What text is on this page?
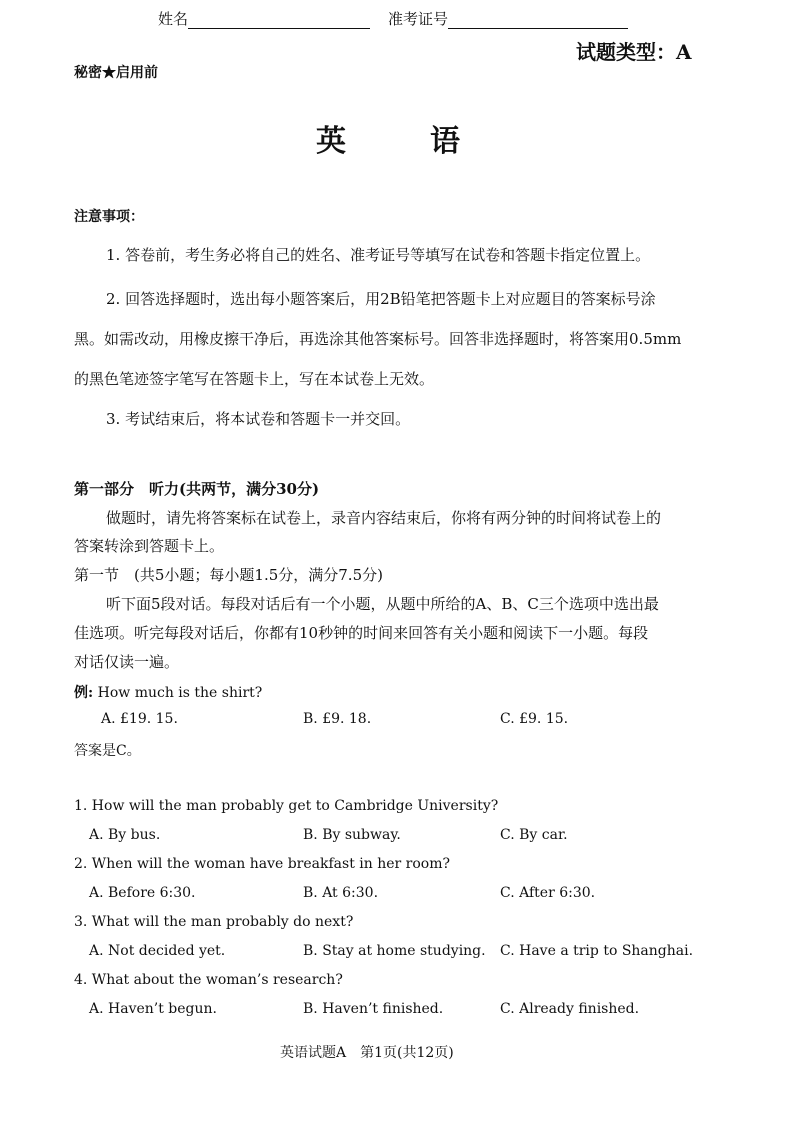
姓名	准考证号
试题类型：A
秘密★启用前
英	语
注意事项：
1. 答卷前，考生务必将自己的姓名、准考证号等填写在试卷和答题卡指定位置上。
2. 回答选择题时，选出每小题答案后，用2B铅笔把答题卡上对应题目的答案标号涂
黑。如需改动，用橡皮擦干净后，再选涂其他答案标号。回答非选择题时，将答案用0.5mm
的黑色笔迹签字笔写在答题卡上，写在本试卷上无效。
3. 考试结束后，将本试卷和答题卡一并交回。
第一部分　听力(共两节，满分30分)
做题时，请先将答案标在试卷上，录音内容结束后，你将有两分钟的时间将试卷上的
答案转涂到答题卡上。
第一节　(共5小题；每小题1.5分，满分7.5分)
听下面5段对话。每段对话后有一个小题，从题中所给的A、B、C三个选项中选出最
佳选项。听完每段对话后，你都有10秒钟的时间来回答有关小题和阅读下一小题。每段
对话仅读一遍。
例: How much is the shirt?
A. £19. 15.	B. £9. 18.	C. £9. 15.
答案是C。
1. How will the man probably get to Cambridge University?
A. By bus.	B. By subway.	C. By car.
2. When will the woman have breakfast in her room?
A. Before 6:30.	B. At 6:30.	C. After 6:30.
3. What will the man probably do next?
A. Not decided yet.	B. Stay at home studying. C. Have a trip to Shanghai.
4. What about the woman’s research?
A. Haven’t begun.	B. Haven’t finished.	C. Already finished.
英语试题A　第1页(共12页)
